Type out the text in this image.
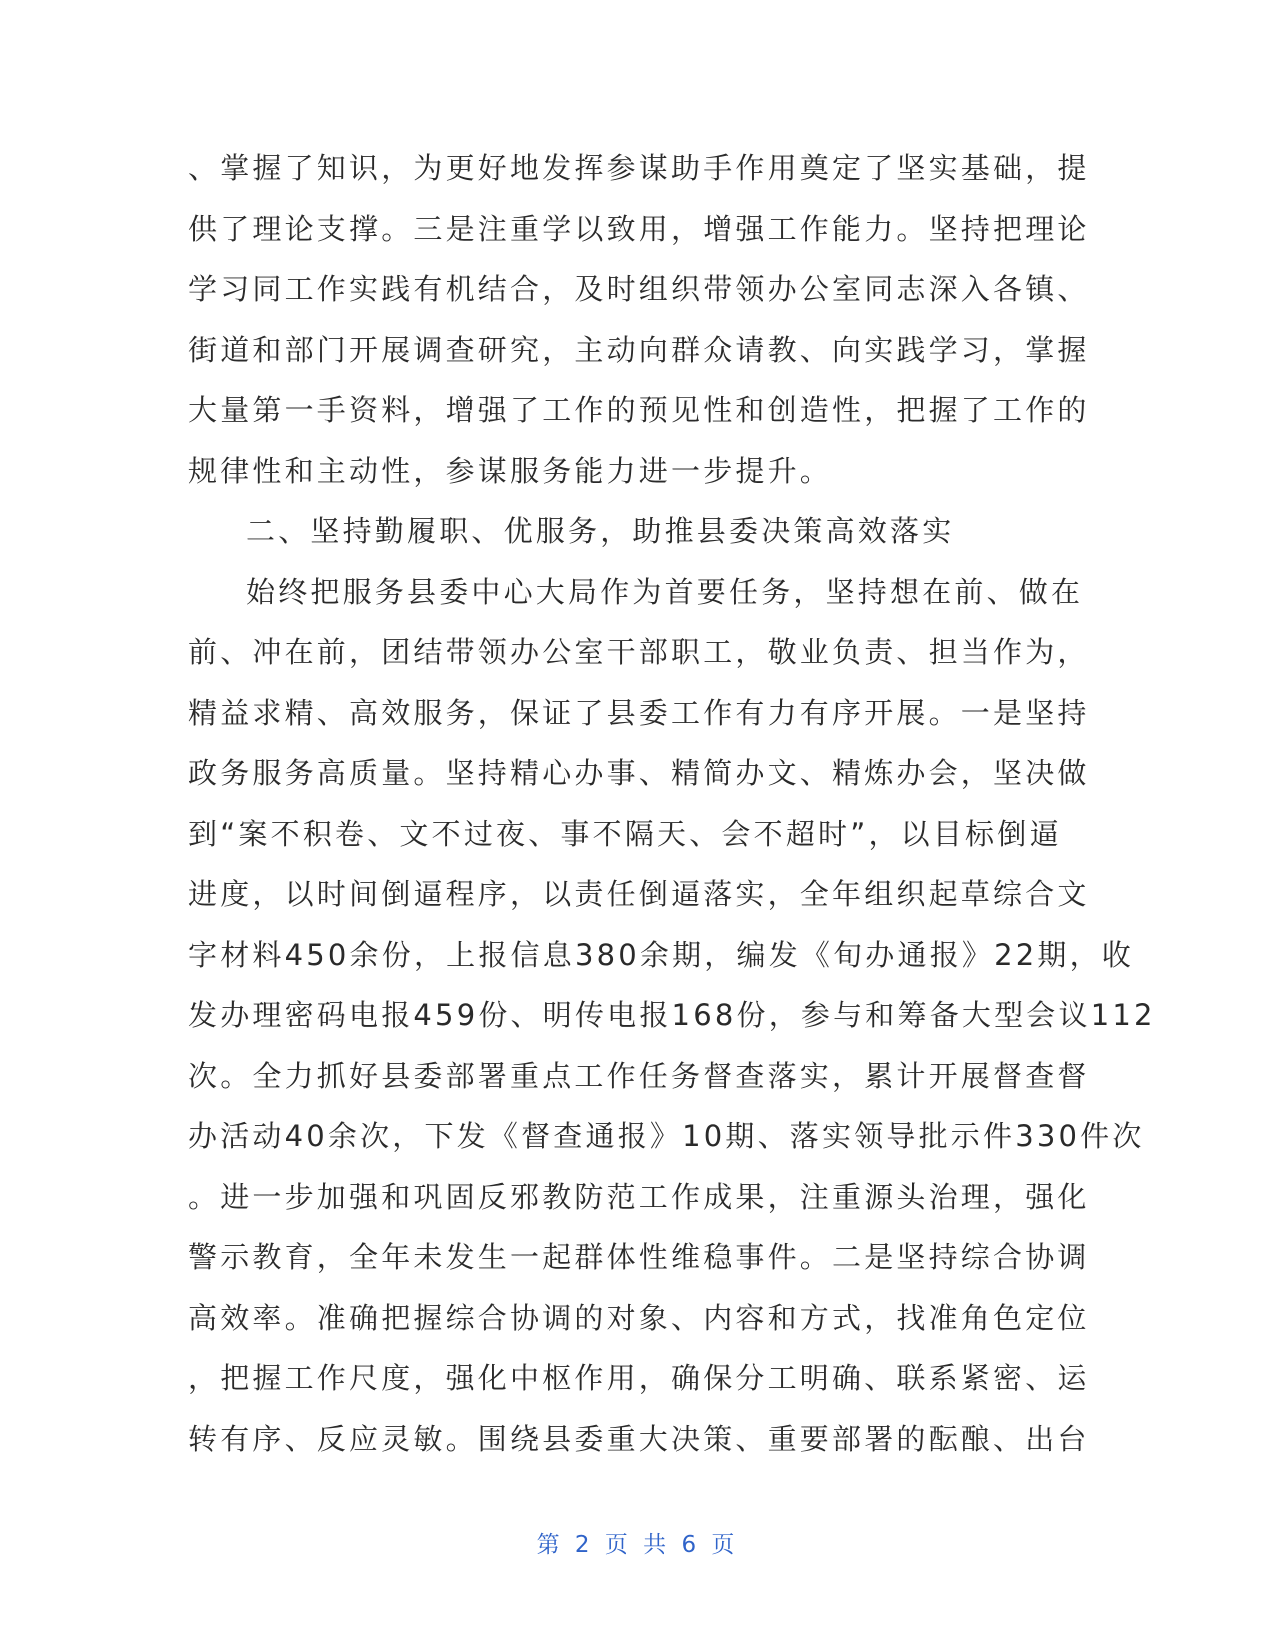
、掌握了知识，为更好地发挥参谋助手作用奠定了坚实基础，提
供了理论支撑。三是注重学以致用，增强工作能力。坚持把理论
学习同工作实践有机结合，及时组织带领办公室同志深入各镇、
街道和部门开展调查研究，主动向群众请教、向实践学习，掌握
大量第一手资料，增强了工作的预见性和创造性，把握了工作的
规律性和主动性，参谋服务能力进一步提升。
二、坚持勤履职、优服务，助推县委决策高效落实
始终把服务县委中心大局作为首要任务，坚持想在前、做在
前、冲在前，团结带领办公室干部职工，敬业负责、担当作为，
精益求精、高效服务，保证了县委工作有力有序开展。一是坚持
政务服务高质量。坚持精心办事、精简办文、精炼办会，坚决做
到“案不积卷、文不过夜、事不隔天、会不超时”，以目标倒逼
进度，以时间倒逼程序，以责任倒逼落实，全年组织起草综合文
字材料450余份，上报信息380余期，编发《旬办通报》22期，收
发办理密码电报459份、明传电报168份，参与和筹备大型会议112
次。全力抓好县委部署重点工作任务督查落实，累计开展督查督
办活动40余次，下发《督查通报》10期、落实领导批示件330件次
。进一步加强和巩固反邪教防范工作成果，注重源头治理，强化
警示教育，全年未发生一起群体性维稳事件。二是坚持综合协调
高效率。准确把握综合协调的对象、内容和方式，找准角色定位
，把握工作尺度，强化中枢作用，确保分工明确、联系紧密、运
转有序、反应灵敏。围绕县委重大决策、重要部署的酝酿、出台
第 2 页 共 6 页
